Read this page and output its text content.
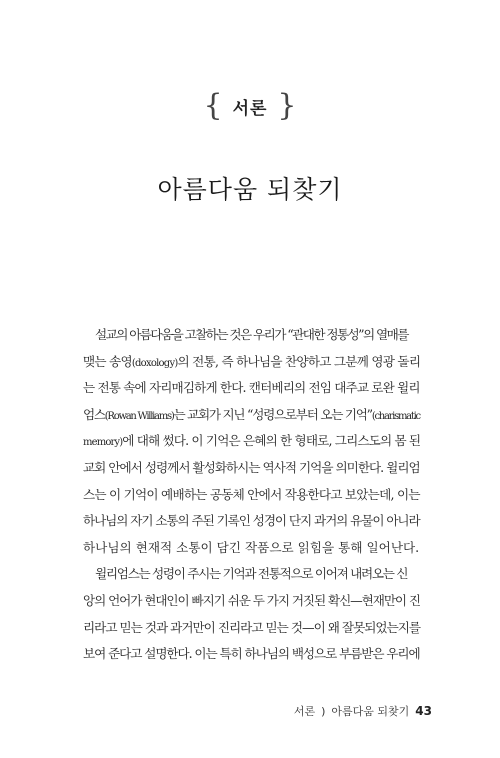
{ 서론 }
아름다움 되찾기
설교의 아름다움을 고찰하는 것은 우리가 “관대한 정통성”의 열매를
맺는 송영(doxology)의 전통, 즉 하나님을 찬양하고 그분께 영광 돌리
는 전통 속에 자리매김하게 한다. 캔터베리의 전임 대주교 로완 윌리
엄스(Rowan Williams)는 교회가 지닌 “성령으로부터 오는 기억”(charismatic
memory)에 대해 썼다. 이 기억은 은혜의 한 형태로, 그리스도의 몸 된
교회 안에서 성령께서 활성화하시는 역사적 기억을 의미한다. 윌리엄
스는 이 기억이 예배하는 공동체 안에서 작용한다고 보았는데, 이는
하나님의 자기 소통의 주된 기록인 성경이 단지 과거의 유물이 아니라
하나님의 현재적 소통이 담긴 작품으로 읽힘을 통해 일어난다.
윌리엄스는 성령이 주시는 기억과 전통적으로 이어져 내려오는 신
앙의 언어가 현대인이 빠지기 쉬운 두 가지 거짓된 확신—현재만이 진
리라고 믿는 것과 과거만이 진리라고 믿는 것—이 왜 잘못되었는지를
보여 준다고 설명한다. 이는 특히 하나님의 백성으로 부름받은 우리에
서론 ) 아름다움 되찾기 43
